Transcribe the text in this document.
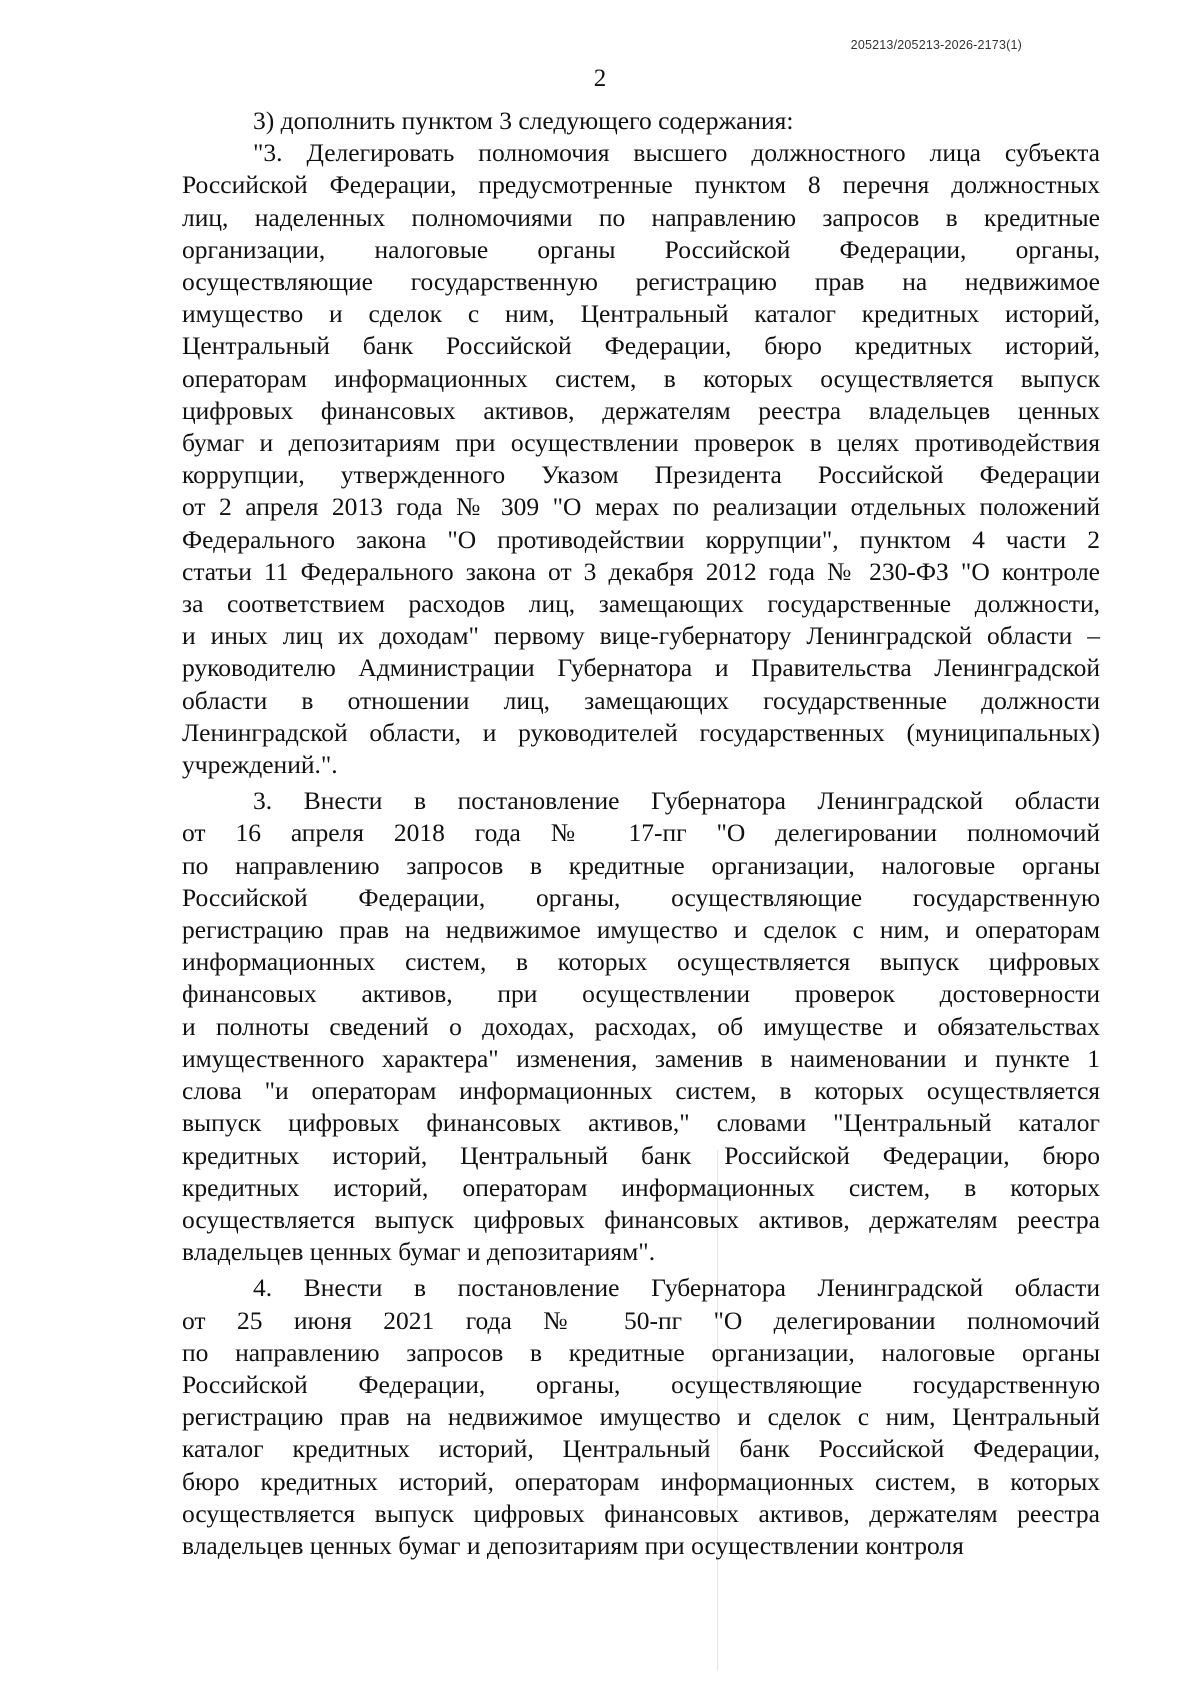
205213/205213-2026-2173(1)
2
3) дополнить пунктом 3 следующего содержания:
"3. Делегировать полномочия высшего должностного лица субъекта
Российской Федерации, предусмотренные пунктом 8 перечня должностных
лиц, наделенных полномочиями по направлению запросов в кредитные
организации, налоговые органы Российской Федерации, органы,
осуществляющие государственную регистрацию прав на недвижимое
имущество и сделок с ним, Центральный каталог кредитных историй,
Центральный банк Российской Федерации, бюро кредитных историй,
операторам информационных систем, в которых осуществляется выпуск
цифровых финансовых активов, держателям реестра владельцев ценных
бумаг и депозитариям при осуществлении проверок в целях противодействия
коррупции, утвержденного Указом Президента Российской Федерации
от 2 апреля 2013 года № 309 "О мерах по реализации отдельных положений
Федерального закона "О противодействии коррупции", пунктом 4 части 2
статьи 11 Федерального закона от 3 декабря 2012 года № 230-ФЗ "О контроле
за соответствием расходов лиц, замещающих государственные должности,
и иных лиц их доходам" первому вице-губернатору Ленинградской области –
руководителю Администрации Губернатора и Правительства Ленинградской
области в отношении лиц, замещающих государственные должности
Ленинградской области, и руководителей государственных (муниципальных)
учреждений.".
3. Внести в постановление Губернатора Ленинградской области
от 16 апреля 2018 года № 17-пг "О делегировании полномочий
по направлению запросов в кредитные организации, налоговые органы
Российской Федерации, органы, осуществляющие государственную
регистрацию прав на недвижимое имущество и сделок с ним, и операторам
информационных систем, в которых осуществляется выпуск цифровых
финансовых активов, при осуществлении проверок достоверности
и полноты сведений о доходах, расходах, об имуществе и обязательствах
имущественного характера" изменения, заменив в наименовании и пункте 1
слова "и операторам информационных систем, в которых осуществляется
выпуск цифровых финансовых активов," словами "Центральный каталог
кредитных историй, Центральный банк Российской Федерации, бюро
кредитных историй, операторам информационных систем, в которых
осуществляется выпуск цифровых финансовых активов, держателям реестра
владельцев ценных бумаг и депозитариям".
4. Внести в постановление Губернатора Ленинградской области
от 25 июня 2021 года № 50-пг "О делегировании полномочий
по направлению запросов в кредитные организации, налоговые органы
Российской Федерации, органы, осуществляющие государственную
регистрацию прав на недвижимое имущество и сделок с ним, Центральный
каталог кредитных историй, Центральный банк Российской Федерации,
бюро кредитных историй, операторам информационных систем, в которых
осуществляется выпуск цифровых финансовых активов, держателям реестра
владельцев ценных бумаг и депозитариям при осуществлении контроля
